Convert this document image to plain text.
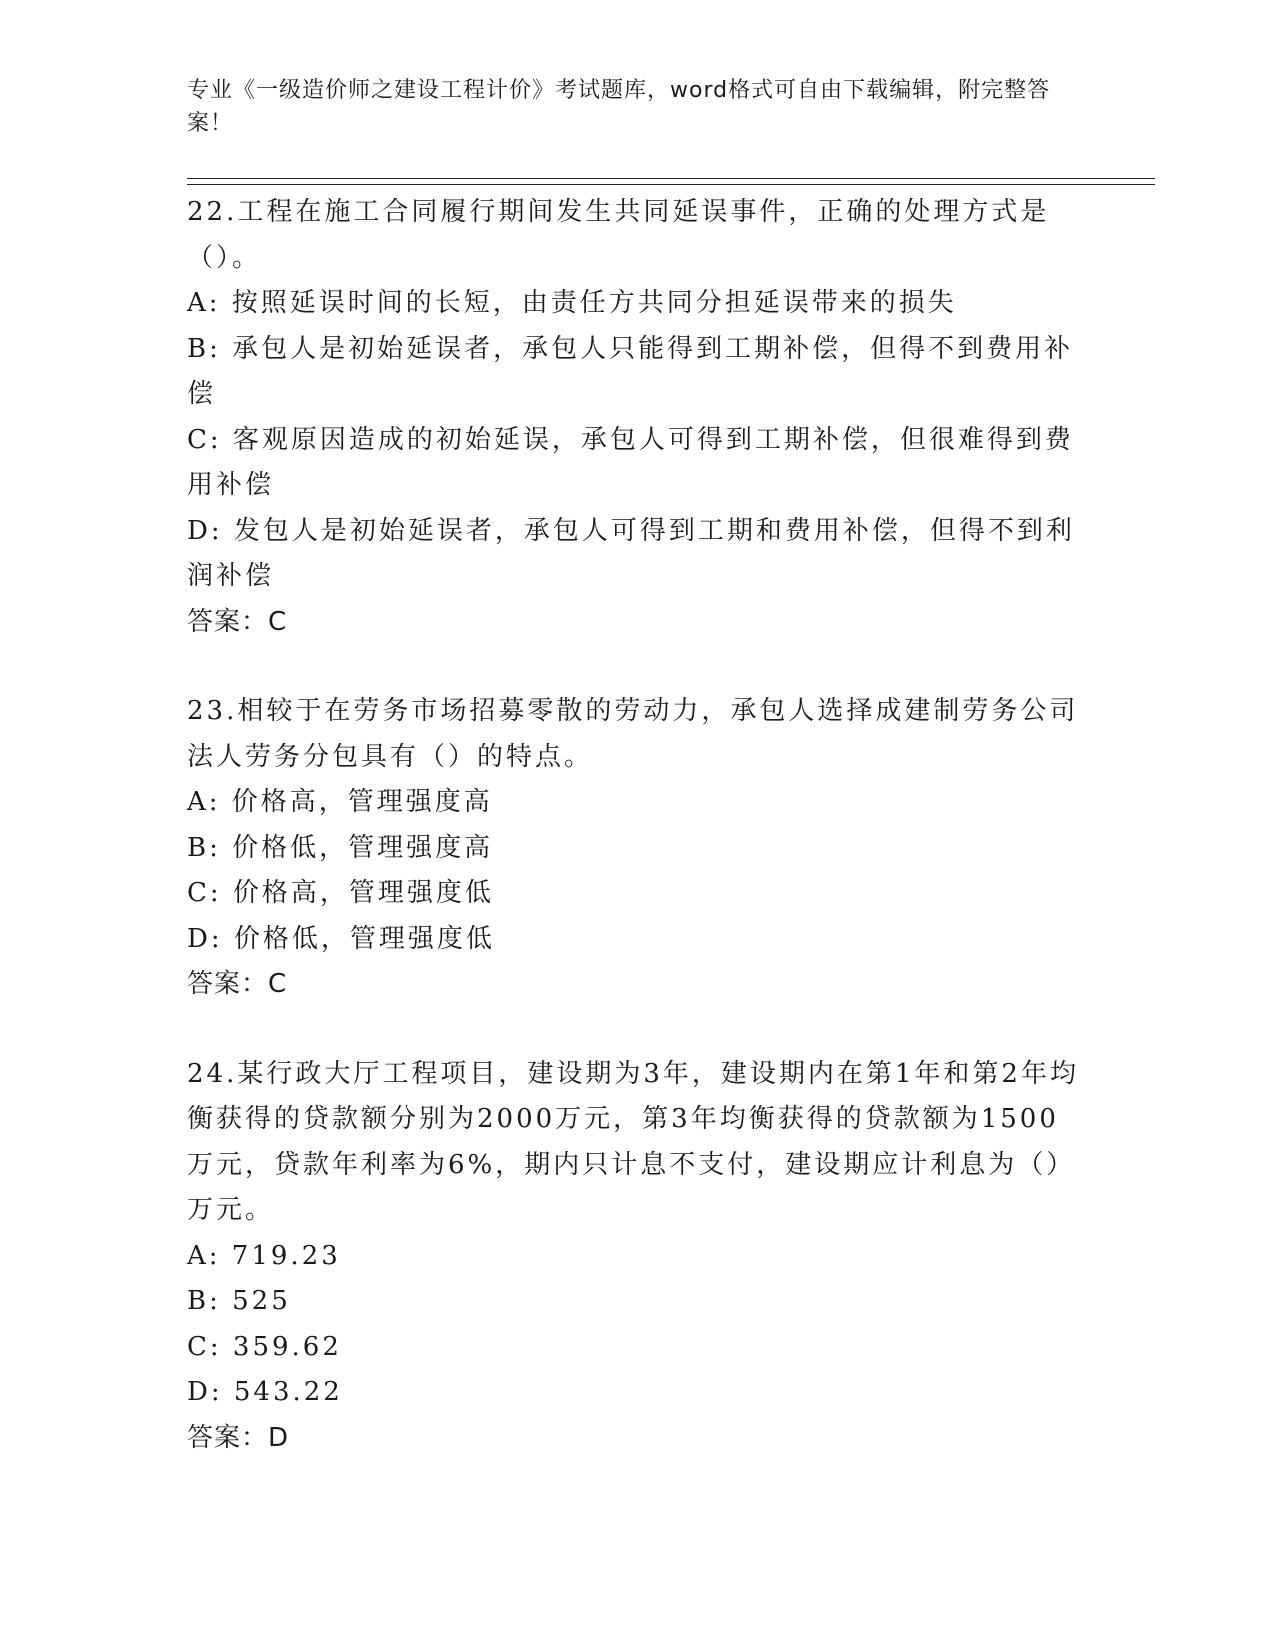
专业《一级造价师之建设工程计价》考试题库，word格式可自由下载编辑，附完整答案！

22.工程在施工合同履行期间发生共同延误事件，正确的处理方式是（）。

A: 按照延误时间的长短，由责任方共同分担延误带来的损失

B: 承包人是初始延误者，承包人只能得到工期补偿，但得不到费用补偿

C: 客观原因造成的初始延误，承包人可得到工期补偿，但很难得到费用补偿

D: 发包人是初始延误者，承包人可得到工期和费用补偿，但得不到利润补偿

答案：C

23.相较于在劳务市场招募零散的劳动力，承包人选择成建制劳务公司法人劳务分包具有（）的特点。

A: 价格高，管理强度高

B: 价格低，管理强度高

C: 价格高，管理强度低

D: 价格低，管理强度低

答案：C

24.某行政大厅工程项目，建设期为3年，建设期内在第1年和第2年均衡获得的贷款额分别为2000万元，第3年均衡获得的贷款额为1500万元，贷款年利率为6%，期内只计息不支付，建设期应计利息为（）万元。

A: 719.23

B: 525

C: 359.62

D: 543.22

答案：D
